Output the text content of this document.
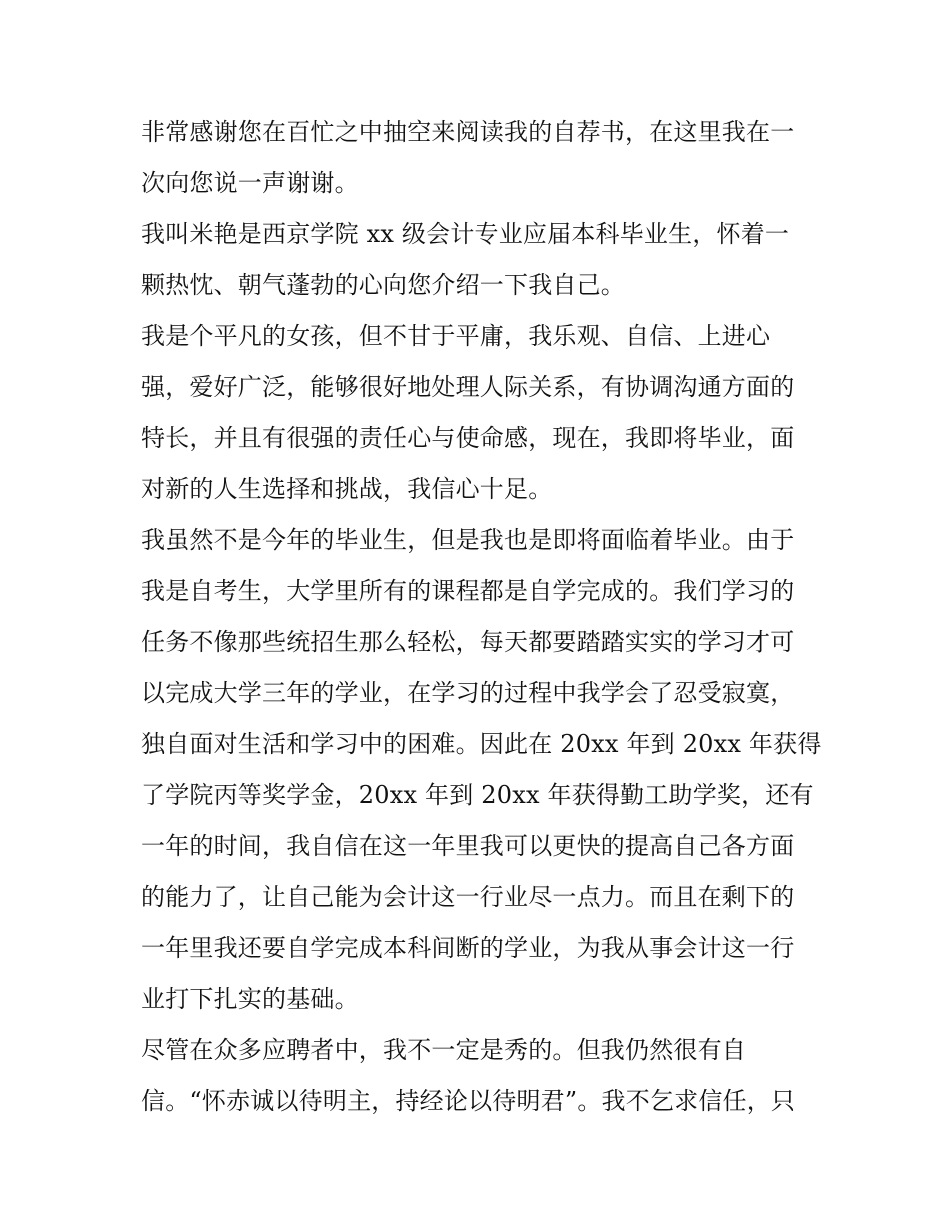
非常感谢您在百忙之中抽空来阅读我的自荐书，在这里我在一
次向您说一声谢谢。
我叫米艳是西京学院 xx 级会计专业应届本科毕业生，怀着一
颗热忱、朝气蓬勃的心向您介绍一下我自己。
我是个平凡的女孩，但不甘于平庸，我乐观、自信、上进心
强，爱好广泛，能够很好地处理人际关系，有协调沟通方面的
特长，并且有很强的责任心与使命感，现在，我即将毕业，面
对新的人生选择和挑战，我信心十足。
我虽然不是今年的毕业生，但是我也是即将面临着毕业。由于
我是自考生，大学里所有的课程都是自学完成的。我们学习的
任务不像那些统招生那么轻松，每天都要踏踏实实的学习才可
以完成大学三年的学业，在学习的过程中我学会了忍受寂寞，
独自面对生活和学习中的困难。因此在 20xx 年到 20xx 年获得
了学院丙等奖学金，20xx 年到 20xx 年获得勤工助学奖，还有
一年的时间，我自信在这一年里我可以更快的提高自己各方面
的能力了，让自己能为会计这一行业尽一点力。而且在剩下的
一年里我还要自学完成本科间断的学业，为我从事会计这一行
业打下扎实的基础。
尽管在众多应聘者中，我不一定是秀的。但我仍然很有自
信。“怀赤诚以待明主，持经论以待明君”。我不乞求信任，只
